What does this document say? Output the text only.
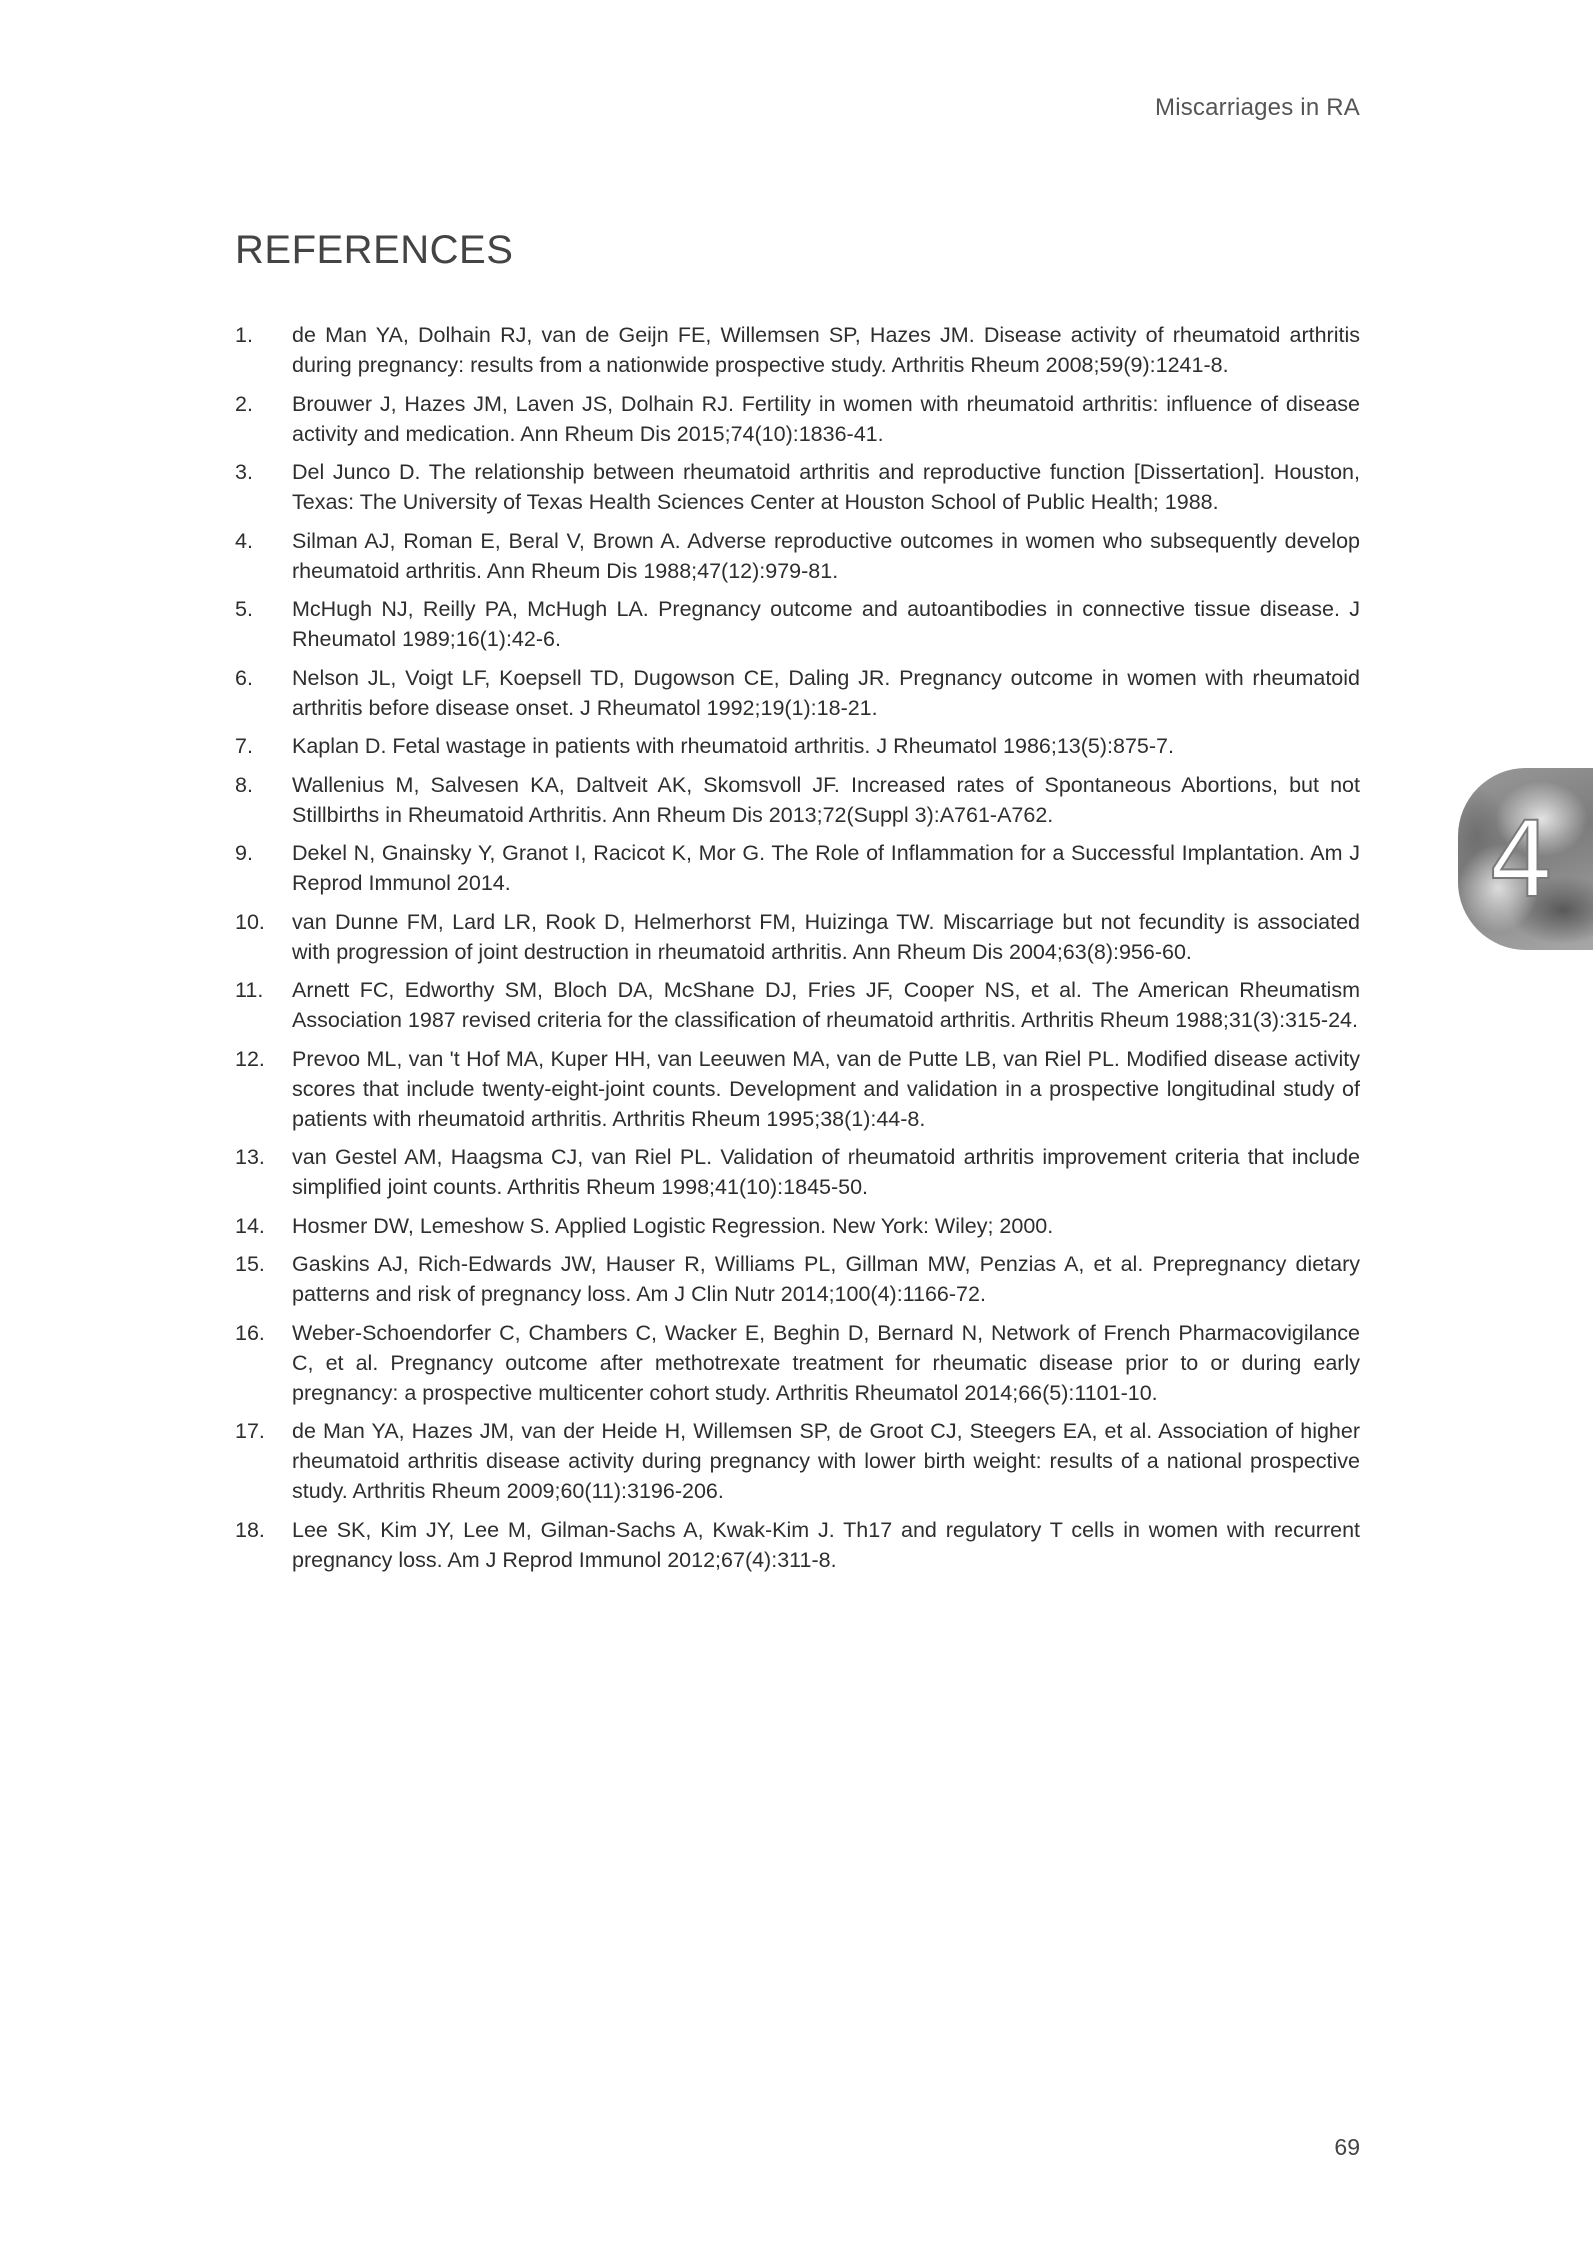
Miscarriages in RA
REFERENCES
1.	de Man YA, Dolhain RJ, van de Geijn FE, Willemsen SP, Hazes JM. Disease activity of rheumatoid arthritis during pregnancy: results from a nationwide prospective study. Arthritis Rheum 2008;59(9):1241-8.
2.	Brouwer J, Hazes JM, Laven JS, Dolhain RJ. Fertility in women with rheumatoid arthritis: influence of disease activity and medication. Ann Rheum Dis 2015;74(10):1836-41.
3.	Del Junco D. The relationship between rheumatoid arthritis and reproductive function [Dissertation]. Houston, Texas: The University of Texas Health Sciences Center at Houston School of Public Health; 1988.
4.	Silman AJ, Roman E, Beral V, Brown A. Adverse reproductive outcomes in women who subsequently develop rheumatoid arthritis. Ann Rheum Dis 1988;47(12):979-81.
5.	McHugh NJ, Reilly PA, McHugh LA. Pregnancy outcome and autoantibodies in connective tissue disease. J Rheumatol 1989;16(1):42-6.
6.	Nelson JL, Voigt LF, Koepsell TD, Dugowson CE, Daling JR. Pregnancy outcome in women with rheumatoid arthritis before disease onset. J Rheumatol 1992;19(1):18-21.
7.	Kaplan D. Fetal wastage in patients with rheumatoid arthritis. J Rheumatol 1986;13(5):875-7.
8.	Wallenius M, Salvesen KA, Daltveit AK, Skomsvoll JF. Increased rates of Spontaneous Abortions, but not Stillbirths in Rheumatoid Arthritis. Ann Rheum Dis 2013;72(Suppl 3):A761-A762.
9.	Dekel N, Gnainsky Y, Granot I, Racicot K, Mor G. The Role of Inflammation for a Successful Implantation. Am J Reprod Immunol 2014.
10.	van Dunne FM, Lard LR, Rook D, Helmerhorst FM, Huizinga TW. Miscarriage but not fecundity is associated with progression of joint destruction in rheumatoid arthritis. Ann Rheum Dis 2004;63(8):956-60.
11.	Arnett FC, Edworthy SM, Bloch DA, McShane DJ, Fries JF, Cooper NS, et al. The American Rheumatism Association 1987 revised criteria for the classification of rheumatoid arthritis. Arthritis Rheum 1988;31(3):315-24.
12.	Prevoo ML, van 't Hof MA, Kuper HH, van Leeuwen MA, van de Putte LB, van Riel PL. Modified disease activity scores that include twenty-eight-joint counts. Development and validation in a prospective longitudinal study of patients with rheumatoid arthritis. Arthritis Rheum 1995;38(1):44-8.
13.	van Gestel AM, Haagsma CJ, van Riel PL. Validation of rheumatoid arthritis improvement criteria that include simplified joint counts. Arthritis Rheum 1998;41(10):1845-50.
14.	Hosmer DW, Lemeshow S. Applied Logistic Regression. New York: Wiley; 2000.
15.	Gaskins AJ, Rich-Edwards JW, Hauser R, Williams PL, Gillman MW, Penzias A, et al. Prepregnancy dietary patterns and risk of pregnancy loss. Am J Clin Nutr 2014;100(4):1166-72.
16.	Weber-Schoendorfer C, Chambers C, Wacker E, Beghin D, Bernard N, Network of French Pharmacovigilance C, et al. Pregnancy outcome after methotrexate treatment for rheumatic disease prior to or during early pregnancy: a prospective multicenter cohort study. Arthritis Rheumatol 2014;66(5):1101-10.
17.	de Man YA, Hazes JM, van der Heide H, Willemsen SP, de Groot CJ, Steegers EA, et al. Association of higher rheumatoid arthritis disease activity during pregnancy with lower birth weight: results of a national prospective study. Arthritis Rheum 2009;60(11):3196-206.
18.	Lee SK, Kim JY, Lee M, Gilman-Sachs A, Kwak-Kim J. Th17 and regulatory T cells in women with recurrent pregnancy loss. Am J Reprod Immunol 2012;67(4):311-8.
4
69
